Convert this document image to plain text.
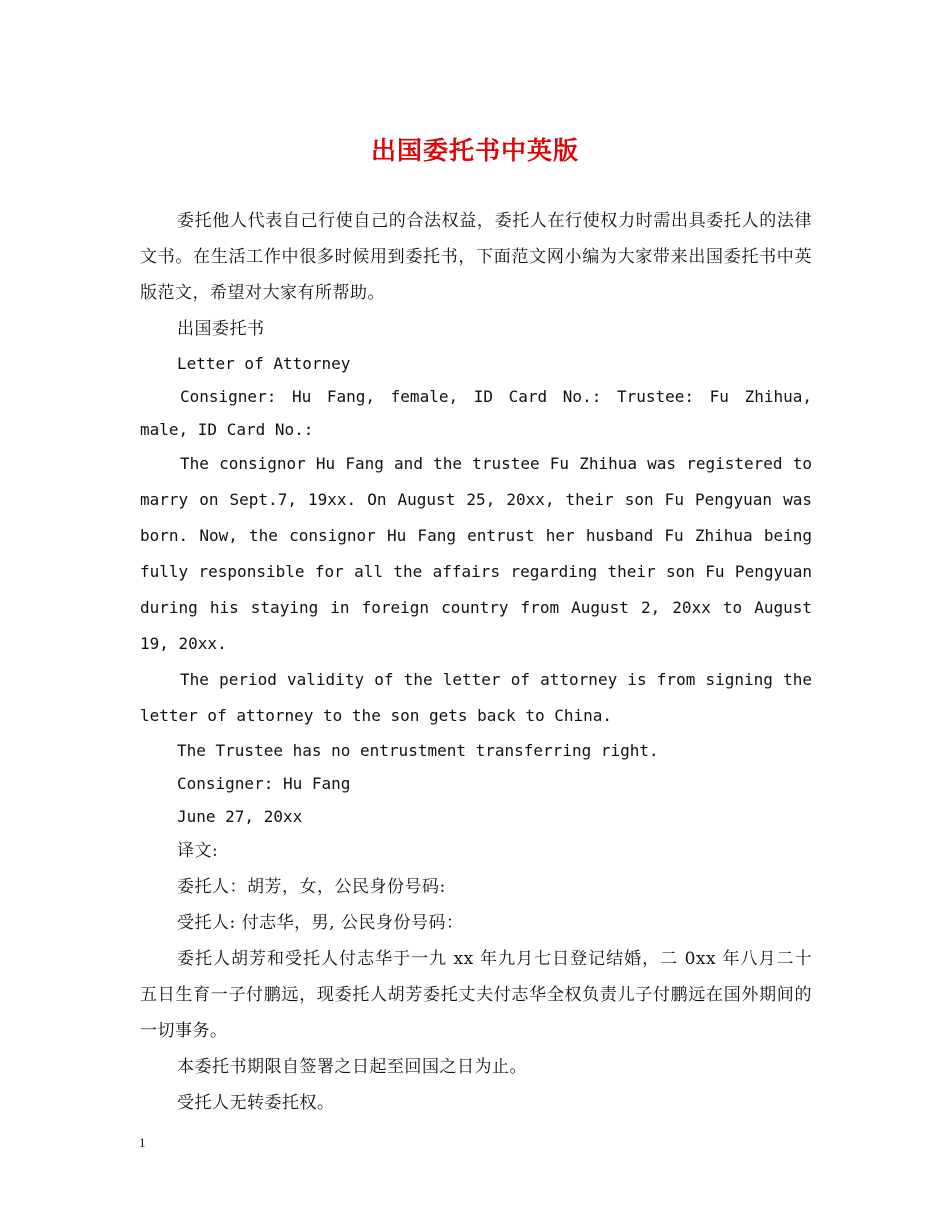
出国委托书中英版

委托他人代表自己行使自己的合法权益，委托人在行使权力时需出具委托人的法律文书。在生活工作中很多时候用到委托书，下面范文网小编为大家带来出国委托书中英版范文，希望对大家有所帮助。

出国委托书

Letter of Attorney

Consigner: Hu Fang, female, ID Card No.: Trustee: Fu Zhihua, male, ID Card No.:

The consignor Hu Fang and the trustee Fu Zhihua was registered to marry on Sept.7, 19xx. On August 25, 20xx, their son Fu Pengyuan was born. Now, the consignor Hu Fang entrust her husband Fu Zhihua being fully responsible for all the affairs regarding their son Fu Pengyuan during his staying in foreign country from August 2, 20xx to August 19, 20xx.

The period validity of the letter of attorney is from signing the letter of attorney to the son gets back to China.

The Trustee has no entrustment transferring right.

Consigner: Hu Fang

June 27, 20xx

译文:

委托人：胡芳，女，公民身份号码:

受托人: 付志华，男, 公民身份号码：

委托人胡芳和受托人付志华于一九 xx 年九月七日登记结婚，二 0xx 年八月二十五日生育一子付鹏远，现委托人胡芳委托丈夫付志华全权负责儿子付鹏远在国外期间的一切事务。

本委托书期限自签署之日起至回国之日为止。

受托人无转委托权。

1
